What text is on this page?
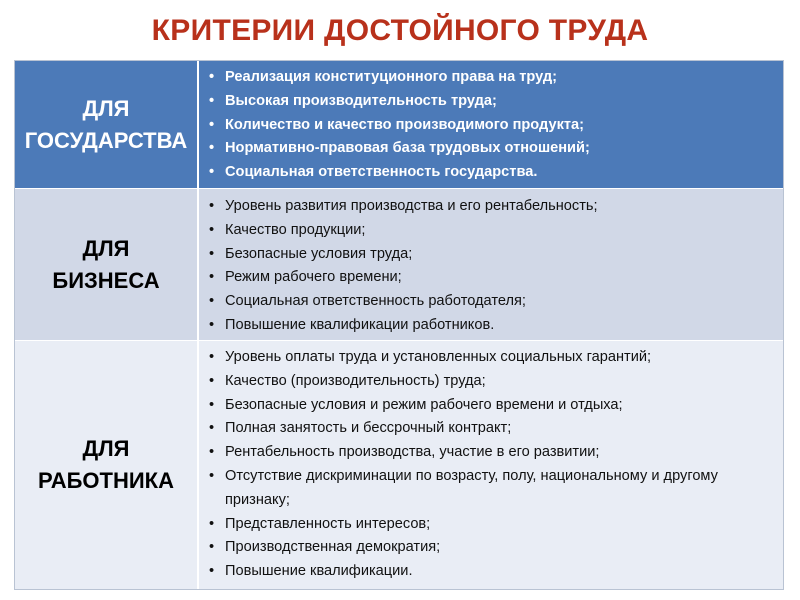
КРИТЕРИИ ДОСТОЙНОГО ТРУДА
ДЛЯ
ГОСУДАРСТВА
• Реализация конституционного права на труд;
• Высокая производительность труда;
• Количество и качество производимого продукта;
• Нормативно-правовая база трудовых отношений;
• Социальная ответственность государства.
ДЛЯ
БИЗНЕСА
• Уровень развития производства и его рентабельность;
• Качество продукции;
• Безопасные условия труда;
• Режим рабочего времени;
• Социальная ответственность работодателя;
• Повышение квалификации работников.
ДЛЯ
РАБОТНИКА
• Уровень оплаты труда и установленных социальных гарантий;
• Качество (производительность) труда;
• Безопасные условия и режим рабочего времени и отдыха;
• Полная занятость и бессрочный контракт;
• Рентабельность производства, участие в его развитии;
• Отсутствие дискриминации по возрасту, полу, национальному и другому признаку;
• Представленность интересов;
• Производственная демократия;
• Повышение квалификации.
